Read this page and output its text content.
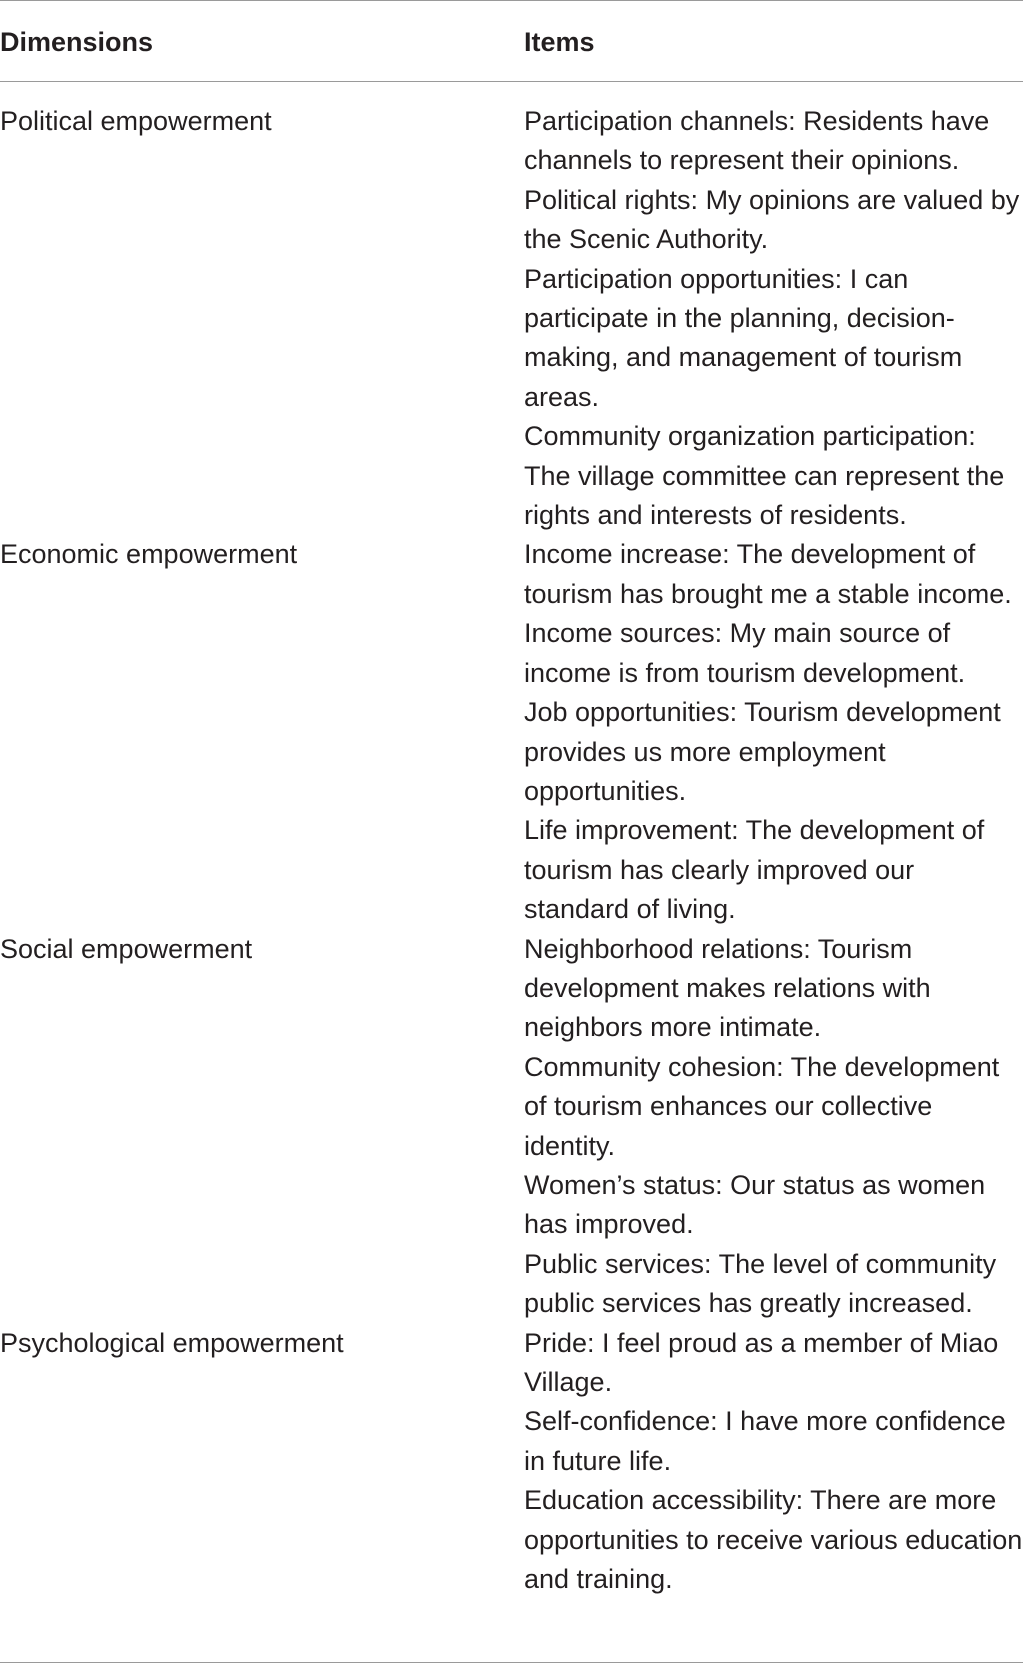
Dimensions	Items
Political empowerment	Participation channels: Residents have channels to represent their opinions.
Political rights: My opinions are valued by the Scenic Authority.
Participation opportunities: I can participate in the planning, decision-making, and management of tourism areas.
Community organization participation: The village committee can represent the rights and interests of residents.

Economic empowerment	Income increase: The development of tourism has brought me a stable income.
Income sources: My main source of income is from tourism development.
Job opportunities: Tourism development provides us more employment opportunities.
Life improvement: The development of tourism has clearly improved our standard of living.

Social empowerment	Neighborhood relations: Tourism development makes relations with neighbors more intimate.
Community cohesion: The development of tourism enhances our collective identity.
Women’s status: Our status as women has improved.
Public services: The level of community public services has greatly increased.

Psychological empowerment	Pride: I feel proud as a member of Miao Village.
Self-confidence: I have more confidence in future life.
Education accessibility: There are more opportunities to receive various education and training.
